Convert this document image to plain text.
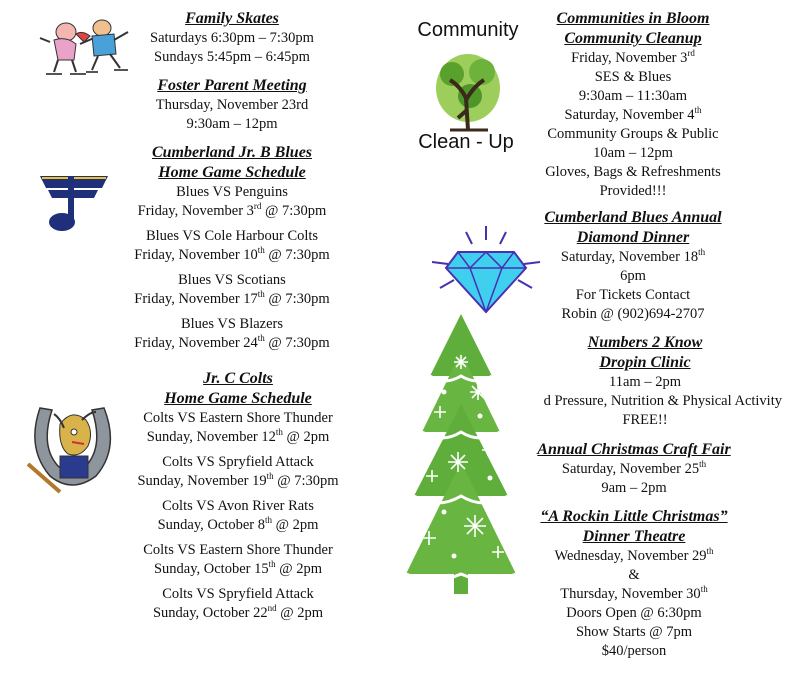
Community
Clean - Up

Family Skates

Saturdays 6:30pm – 7:30pm

Sundays 5:45pm – 6:45pm

Foster Parent Meeting

Thursday, November 23rd

9:30am – 12pm

Cumberland Jr. B Blues

Home Game Schedule

Blues VS Penguins

Friday, November 3rd @ 7:30pm

Blues VS Cole Harbour Colts

Friday, November 10th @ 7:30pm

Blues VS Scotians

Friday, November 17th @ 7:30pm

Blues VS Blazers

Friday, November 24th @ 7:30pm

Jr. C Colts

Home Game Schedule

Colts VS Eastern Shore Thunder

Sunday, November 12th @ 2pm

Colts VS Spryfield Attack

Sunday, November 19th @ 7:30pm

Colts VS Avon River Rats

Sunday, October 8th @ 2pm

Colts VS Eastern Shore Thunder

Sunday, October 15th @ 2pm

Colts VS Spryfield Attack

Sunday, October 22nd @ 2pm

Communities in Bloom

Community Cleanup

Friday, November 3rd

SES & Blues

9:30am – 11:30am

Saturday, November 4th

Community Groups & Public

10am – 12pm

Gloves, Bags & Refreshments

Provided!!!

Cumberland Blues Annual

Diamond Dinner

Saturday, November 18th

6pm

For Tickets Contact

Robin @ (902)694-2707

Numbers 2 Know

Dropin Clinic

11am – 2pm

d Pressure, Nutrition & Physical Activity

FREE!!

Annual Christmas Craft Fair

Saturday, November 25th

9am – 2pm

“A Rockin Little Christmas”

Dinner Theatre

Wednesday, November 29th

&

Thursday, November 30th

Doors Open @ 6:30pm

Show Starts @ 7pm

$40/person
